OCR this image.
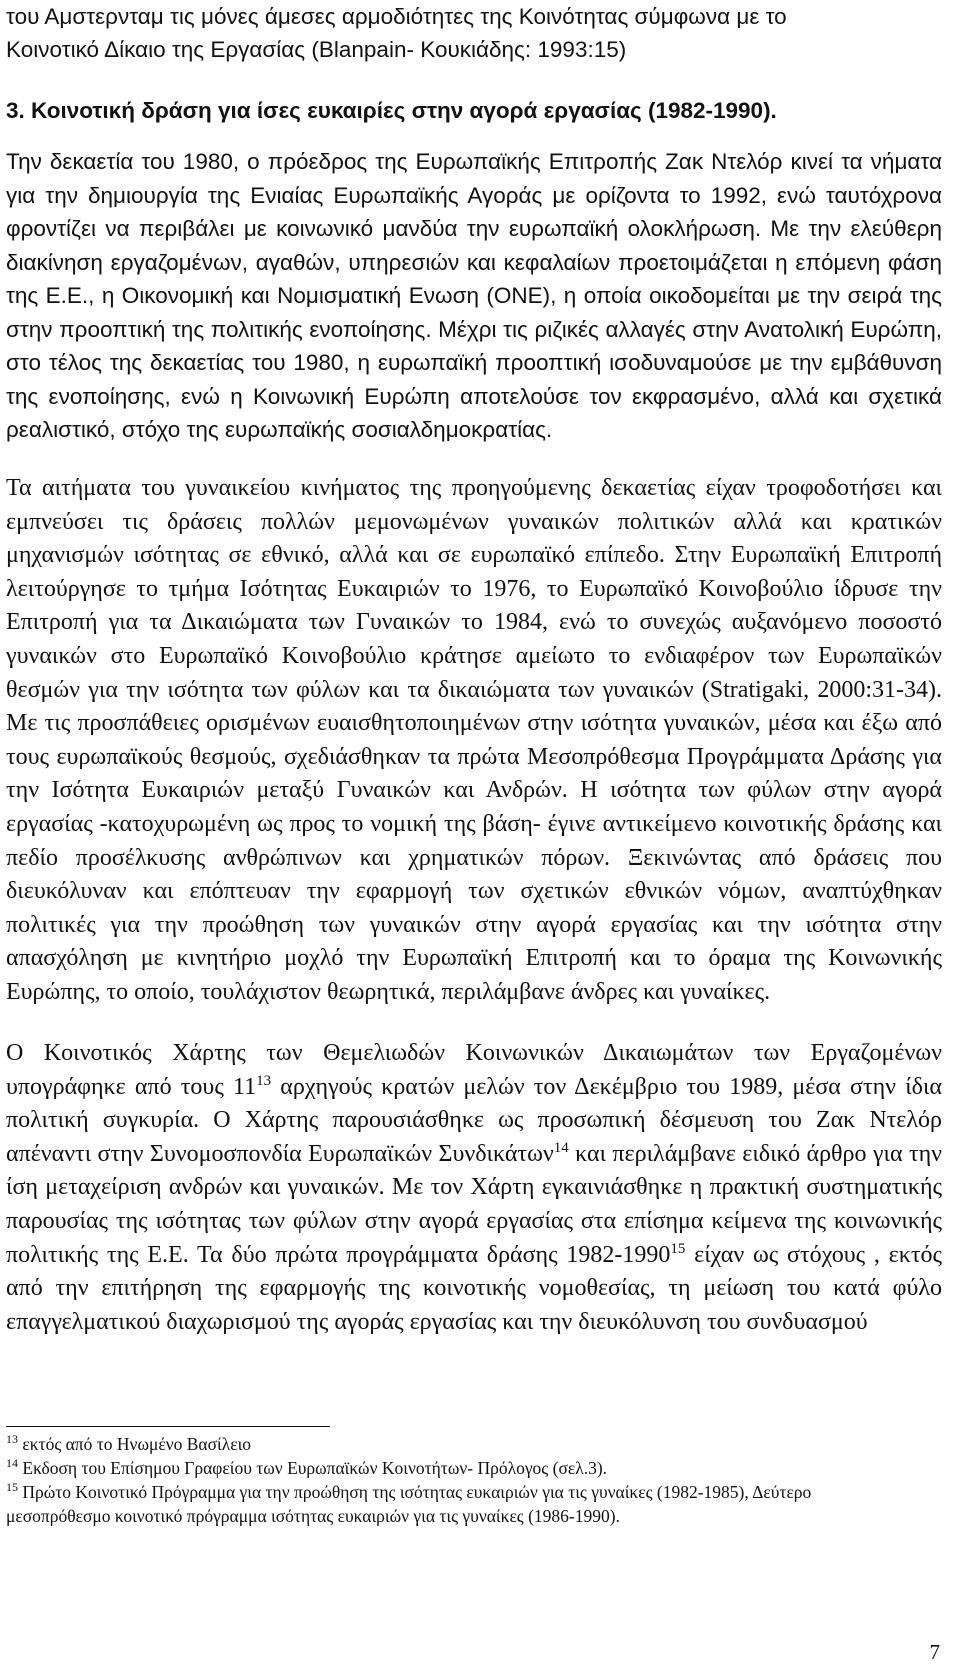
του Αμστερνταμ τις μόνες άμεσες αρμοδιότητες της Κοινότητας σύμφωνα με το

Κοινοτικό Δίκαιο της Εργασίας (Blanpain- Κουκιάδης: 1993:15)

3. Κοινοτική δράση για ίσες ευκαιρίες στην αγορά εργασίας (1982-1990).

Την δεκαετία του 1980, ο πρόεδρος της Ευρωπαϊκής Επιτροπής Ζακ Ντελόρ κινεί τα νήματα για την δημιουργία της Ενιαίας Ευρωπαϊκής Αγοράς με ορίζοντα το 1992, ενώ ταυτόχρονα φροντίζει να περιβάλει με κοινωνικό μανδύα την ευρωπαϊκή ολοκλήρωση. Με την ελεύθερη διακίνηση εργαζομένων, αγαθών, υπηρεσιών και κεφαλαίων προετοιμάζεται η επόμενη φάση της Ε.Ε., η Οικονομική και Νομισματική Ενωση (ΟΝΕ), η οποία οικοδομείται με την σειρά της στην προοπτική της πολιτικής ενοποίησης. Μέχρι τις ριζικές αλλαγές στην Ανατολική Ευρώπη, στο τέλος της δεκαετίας του 1980, η ευρωπαϊκή προοπτική ισοδυναμούσε με την εμβάθυνση της ενοποίησης, ενώ η Κοινωνική Ευρώπη αποτελούσε τον εκφρασμένο, αλλά και σχετικά ρεαλιστικό, στόχο της ευρωπαϊκής σοσιαλδημοκρατίας.

Τα αιτήματα του γυναικείου κινήματος της προηγούμενης δεκαετίας είχαν τροφοδοτήσει και εμπνεύσει τις δράσεις πολλών μεμονωμένων γυναικών πολιτικών αλλά και κρατικών μηχανισμών ισότητας σε εθνικό, αλλά και σε ευρωπαϊκό επίπεδο. Στην Ευρωπαϊκή Επιτροπή λειτούργησε το τμήμα Ισότητας Ευκαιριών το 1976, το Ευρωπαϊκό Κοινοβούλιο ίδρυσε την Επιτροπή για τα Δικαιώματα των Γυναικών το 1984, ενώ το συνεχώς αυξανόμενο ποσοστό γυναικών στο Ευρωπαϊκό Κοινοβούλιο κράτησε αμείωτο το ενδιαφέρον των Ευρωπαϊκών θεσμών για την ισότητα των φύλων και τα δικαιώματα των γυναικών (Stratigaki, 2000:31-34). Με τις προσπάθειες ορισμένων ευαισθητοποιημένων στην ισότητα γυναικών, μέσα και έξω από τους ευρωπαϊκούς θεσμούς, σχεδιάσθηκαν τα πρώτα Μεσοπρόθεσμα Προγράμματα Δράσης για την Ισότητα Ευκαιριών μεταξύ Γυναικών και Ανδρών. Η ισότητα των φύλων στην αγορά εργασίας -κατοχυρωμένη ως προς το νομική της βάση- έγινε αντικείμενο κοινοτικής δράσης και πεδίο προσέλκυσης ανθρώπινων και χρηματικών πόρων. Ξεκινώντας από δράσεις που διευκόλυναν και επόπτευαν την εφαρμογή των σχετικών εθνικών νόμων, αναπτύχθηκαν πολιτικές για την προώθηση των γυναικών στην αγορά εργασίας και την ισότητα στην απασχόληση με κινητήριο μοχλό την Ευρωπαϊκή Επιτροπή και το όραμα της Κοινωνικής Ευρώπης, το οποίο, τουλάχιστον θεωρητικά, περιλάμβανε άνδρες και γυναίκες.

Ο Κοινοτικός Χάρτης των Θεμελιωδών Κοινωνικών Δικαιωμάτων των Εργαζομένων υπογράφηκε από τους $11^{13}$ αρχηγούς κρατών μελών τον Δεκέμβριο του 1989, μέσα στην ίδια πολιτική συγκυρία. Ο Χάρτης παρουσιάσθηκε ως προσωπική δέσμευση του Ζακ Ντελόρ απέναντι στην Συνομοσπονδία Ευρωπαϊκών Συνδικάτων$^{14}$ και περιλάμβανε ειδικό άρθρο για την ίση μεταχείριση ανδρών και γυναικών. Με τον Χάρτη εγκαινιάσθηκε η πρακτική συστηματικής παρουσίας της ισότητας των φύλων στην αγορά εργασίας στα επίσημα κείμενα της κοινωνικής πολιτικής της Ε.Ε. Τα δύο πρώτα προγράμματα δράσης 1982-1990$^{15}$ είχαν ως στόχους , εκτός από την επιτήρηση της εφαρμογής της κοινοτικής νομοθεσίας, τη μείωση του κατά φύλο επαγγελματικού διαχωρισμού της αγοράς εργασίας και την διευκόλυνση του συνδυασμού

$^{13}$ εκτός από το Ηνωμένο Βασίλειο

$^{14}$ Εκδοση του Επίσημου Γραφείου των Ευρωπαϊκών Κοινοτήτων- Πρόλογος (σελ.3).

$^{15}$ Πρώτο Κοινοτικό Πρόγραμμα για την προώθηση της ισότητας ευκαιριών για τις γυναίκες (1982-1985), Δεύτερο μεσοπρόθεσμο κοινοτικό πρόγραμμα ισότητας ευκαιριών για τις γυναίκες (1986-1990).

7
